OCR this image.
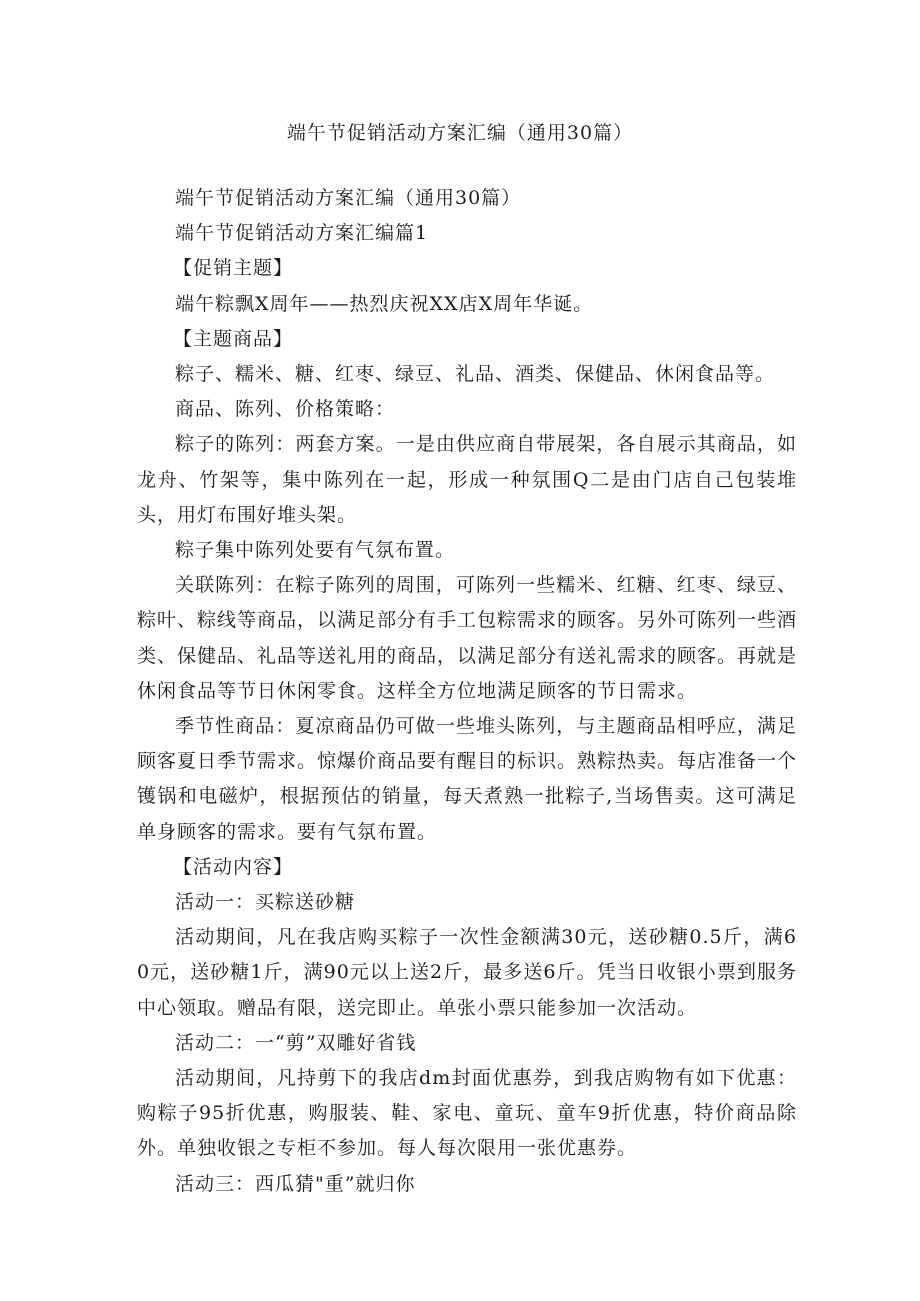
端午节促销活动方案汇编（通用30篇）

端午节促销活动方案汇编（通用30篇）

端午节促销活动方案汇编篇1

【促销主题】

端午粽飘X周年——热烈庆祝XX店X周年华诞。

【主题商品】

粽子、糯米、糖、红枣、绿豆、礼品、酒类、保健品、休闲食品等。

商品、陈列、价格策略：

粽子的陈列：两套方案。一是由供应商自带展架，各自展示其商品，如龙舟、竹架等，集中陈列在一起，形成一种氛围Q二是由门店自己包装堆头，用灯布围好堆头架。

粽子集中陈列处要有气氛布置。

关联陈列：在粽子陈列的周围，可陈列一些糯米、红糖、红枣、绿豆、粽叶、粽线等商品，以满足部分有手工包粽需求的顾客。另外可陈列一些酒类、保健品、礼品等送礼用的商品，以满足部分有送礼需求的顾客。再就是休闲食品等节日休闲零食。这样全方位地满足顾客的节日需求。

季节性商品：夏凉商品仍可做一些堆头陈列，与主题商品相呼应，满足顾客夏日季节需求。惊爆价商品要有醒目的标识。熟粽热卖。每店准备一个镬锅和电磁炉，根据预估的销量，每天煮熟一批粽子,当场售卖。这可满足单身顾客的需求。要有气氛布置。

【活动内容】

活动一：买粽送砂糖

活动期间，凡在我店购买粽子一次性金额满30元，送砂糖0.5斤，满60元，送砂糖1斤，满90元以上送2斤，最多送6斤。凭当日收银小票到服务中心领取。赠品有限，送完即止。单张小票只能参加一次活动。

活动二：一“剪”双雕好省钱

活动期间，凡持剪下的我店dm封面优惠券，到我店购物有如下优惠：购粽子95折优惠，购服装、鞋、家电、童玩、童车9折优惠，特价商品除外。单独收银之专柜不参加。每人每次限用一张优惠券。

活动三：西瓜猜"重”就归你
